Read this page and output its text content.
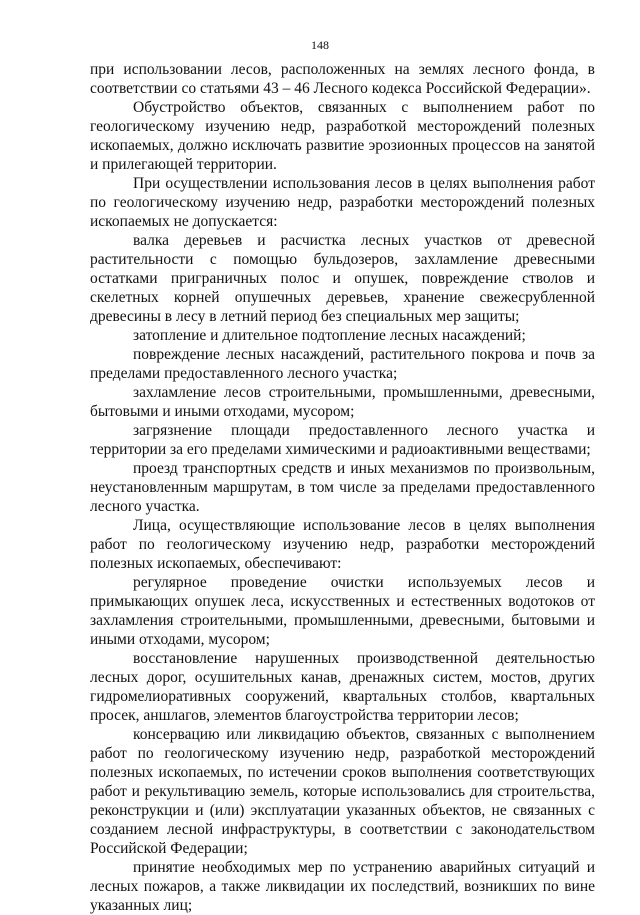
148

при использовании лесов, расположенных на землях лесного фонда, в соответствии со статьями 43 – 46 Лесного кодекса Российской Федерации».

Обустройство объектов, связанных с выполнением работ по геологическому изучению недр, разработкой месторождений полезных ископаемых, должно исключать развитие эрозионных процессов на занятой и прилегающей территории.

При осуществлении использования лесов в целях выполнения работ по геологическому изучению недр, разработки месторождений полезных ископаемых не допускается:

валка деревьев и расчистка лесных участков от древесной растительности с помощью бульдозеров, захламление древесными остатками приграничных полос и опушек, повреждение стволов и скелетных корней опушечных деревьев, хранение свежесрубленной древесины в лесу в летний период без специальных мер защиты;

затопление и длительное подтопление лесных насаждений;

повреждение лесных насаждений, растительного покрова и почв за пределами предоставленного лесного участка;

захламление лесов строительными, промышленными, древесными, бытовыми и иными отходами, мусором;

загрязнение площади предоставленного лесного участка и территории за его пределами химическими и радиоактивными веществами;

проезд транспортных средств и иных механизмов по произвольным, неустановленным маршрутам, в том числе за пределами предоставленного лесного участка.

Лица, осуществляющие использование лесов в целях выполнения работ по геологическому изучению недр, разработки месторождений полезных ископаемых, обеспечивают:

регулярное проведение очистки используемых лесов и примыкающих опушек леса, искусственных и естественных водотоков от захламления строительными, промышленными, древесными, бытовыми и иными отходами, мусором;

восстановление нарушенных производственной деятельностью лесных дорог, осушительных канав, дренажных систем, мостов, других гидромелиоративных сооружений, квартальных столбов, квартальных просек, аншлагов, элементов благоустройства территории лесов;

консервацию или ликвидацию объектов, связанных с выполнением работ по геологическому изучению недр, разработкой месторождений полезных ископаемых, по истечении сроков выполнения соответствующих работ и рекультивацию земель, которые использовались для строительства, реконструкции и (или) эксплуатации указанных объектов, не связанных с созданием лесной инфраструктуры, в соответствии с законодательством Российской Федерации;

принятие необходимых мер по устранению аварийных ситуаций и лесных пожаров, а также ликвидации их последствий, возникших по вине указанных лиц;
